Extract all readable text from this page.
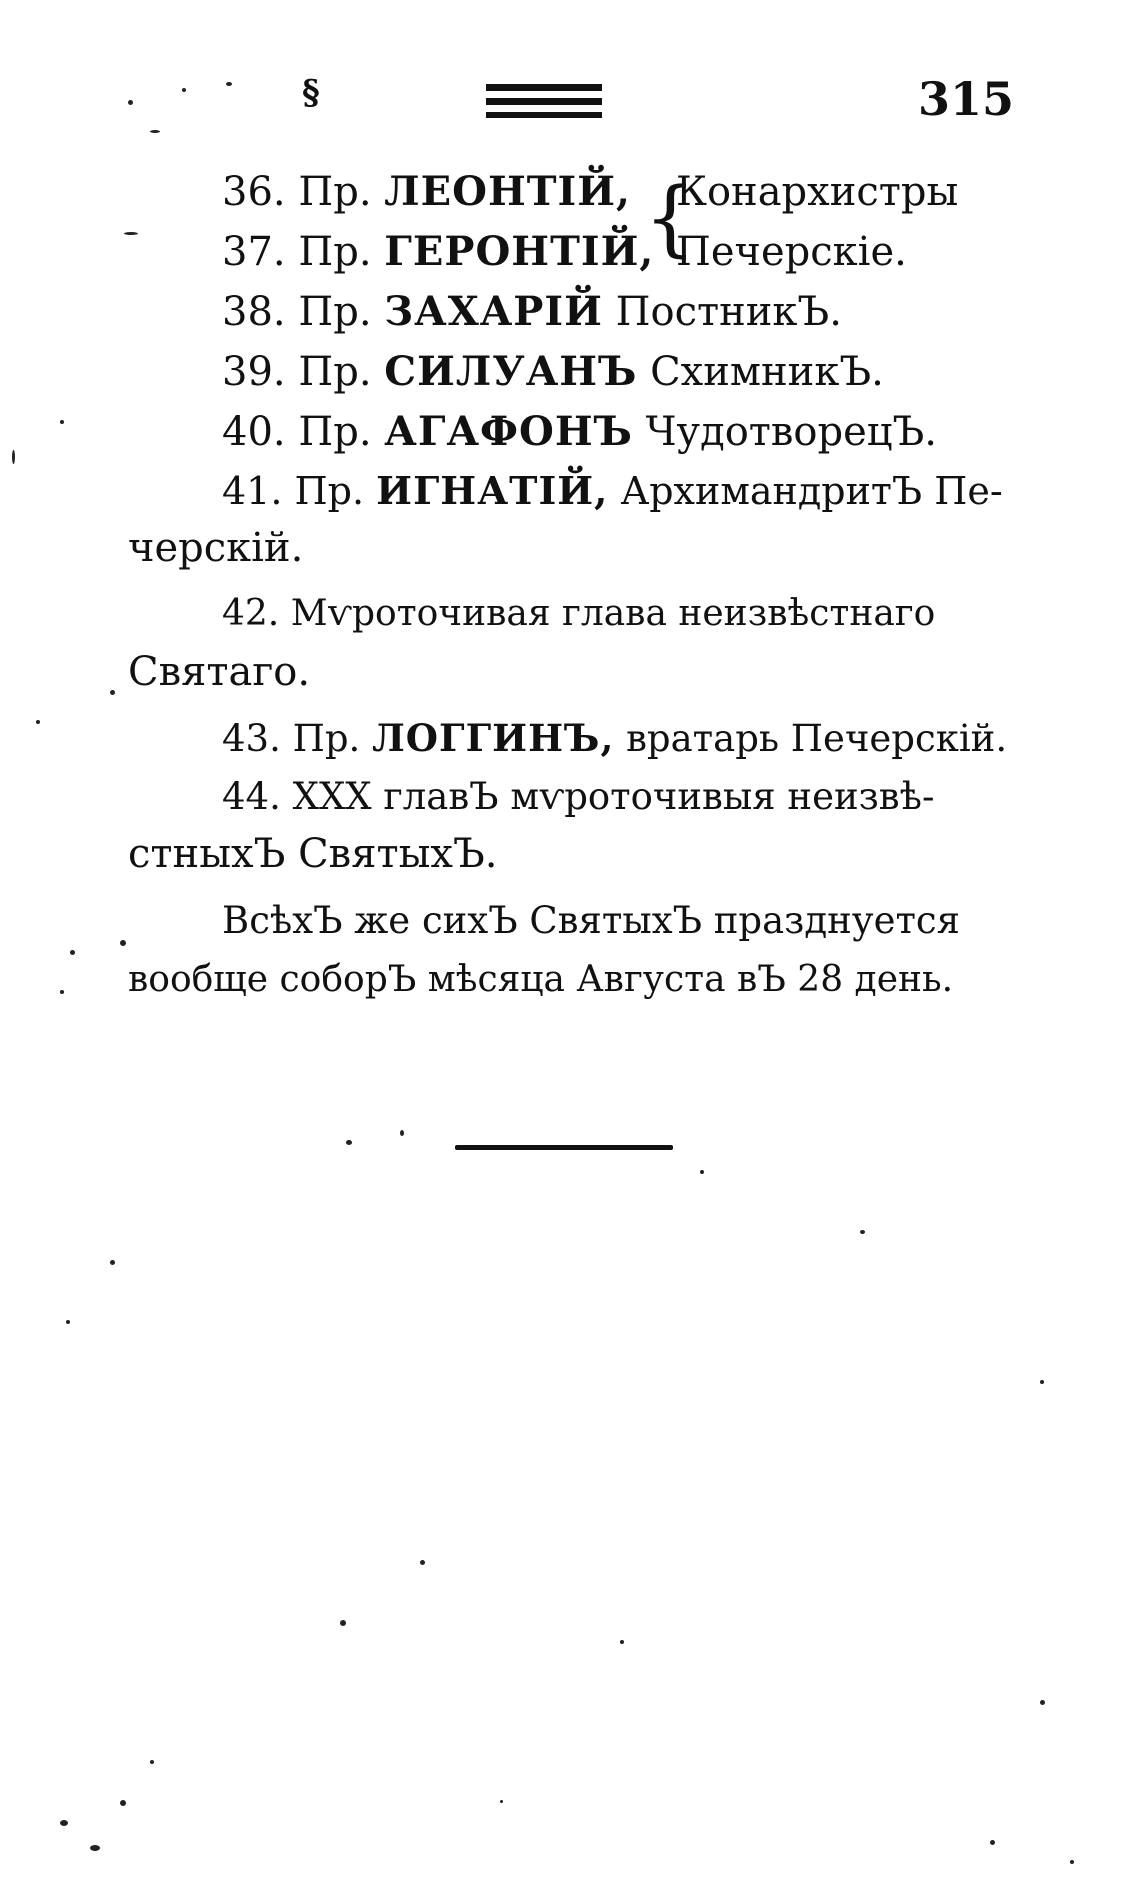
§	315
36. Пр. ЛЕОНТІЙ, {
Конархистры
37. Пр. ГЕРОНТІЙ, Печерскіе.
38. Пр. ЗАХАРІЙ ПостникЪ.
39. Пр. СИЛУАНЪ СхимникЪ.
40. Пр. АГАФОНЪ ЧудотворецЪ.
41. Пр. ИГНАТІЙ, АрхимандритЪ Пе-
черскій.
42. Мѵроточивая глава неизвѣстнаго
Святаго.
43. Пр. ЛОГГИНЪ, вратарь Печерскій.
44. XXX главЪ мѵроточивыя неизвѣ-
стныхЪ СвятыхЪ.
ВсѣхЪ же сихЪ СвятыхЪ празднуется
вообще соборЪ мѣсяца Августа вЪ 28 день.
